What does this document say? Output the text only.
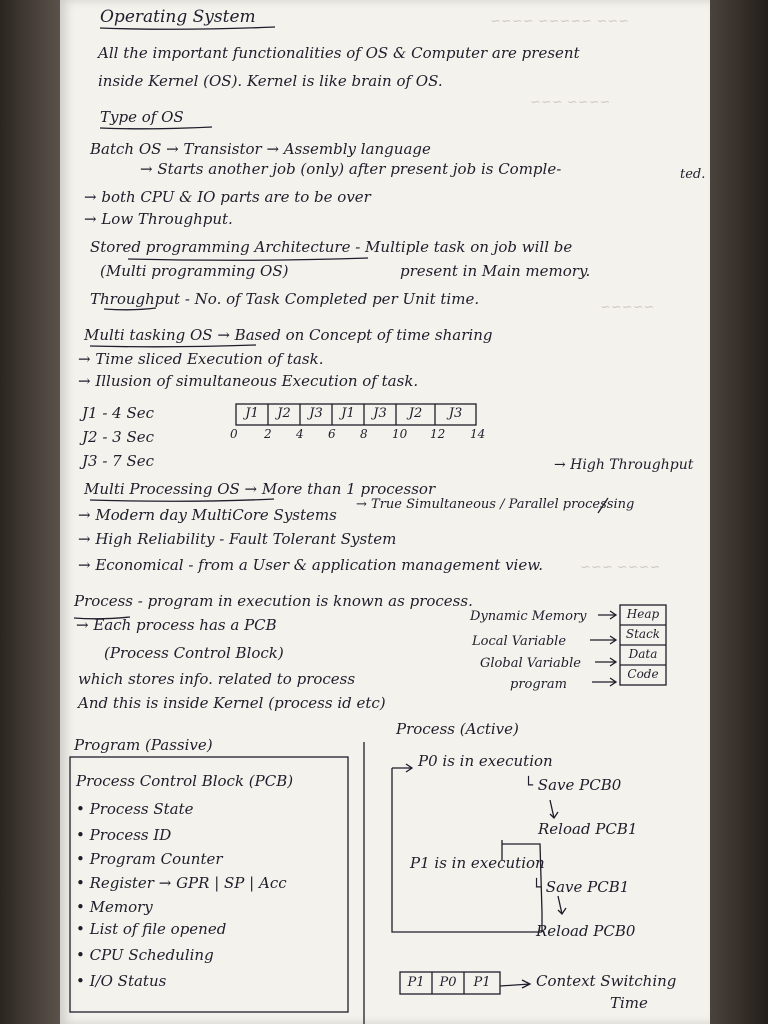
~~~ ~~~~~ ~~~~
~~~~ ~~~
~~~~~
~~~~ ~~~
Operating System
All the important functionalities of OS & Computer are present
inside Kernel (OS). Kernel is like brain of OS.
Type of OS
Batch OS → Transistor → Assembly language
→ Starts another job (only) after present job is Comple-	ted.
→ both CPU & IO parts are to be over
→ Low Throughput.
Stored programming Architecture - Multiple task on job will be
(Multi programming OS)	present in Main memory.
Throughput - No. of Task Completed per Unit time.
Multi tasking OS → Based on Concept of time sharing
→ Time sliced Execution of task.
→ Illusion of simultaneous Execution of task.
J1 - 4 Sec
J2 - 3 Sec
J3 - 7 Sec
J1	J2	J3	J1	J3	J2	J3
0 2 4 6 8 10 12 14
Multi Processing OS → More than 1 processor
→ High Throughput
→ Modern day MultiCore Systems
→ True Simultaneous / Parallel processing
→ High Reliability - Fault Tolerant System
→ Economical - from a User & application management view.
Process - program in execution is known as process.
→ Each process has a PCB
(Process Control Block)
which stores info. related to process
And this is inside Kernel (process id etc)
Dynamic Memory
Local Variable
Global Variable
program
Heap
Stack
Data
Code
Program (Passive)
Process (Active)
Process Control Block (PCB)
• Process State
• Process ID
• Program Counter
• Register → GPR | SP | Acc
• Memory
• List of file opened
• CPU Scheduling
• I/O Status
P0 is in execution
└ Save PCB0
Reload PCB1
P1 is in execution
└ Save PCB1
Reload PCB0
P1	P0	P1	Context Switching
Time
